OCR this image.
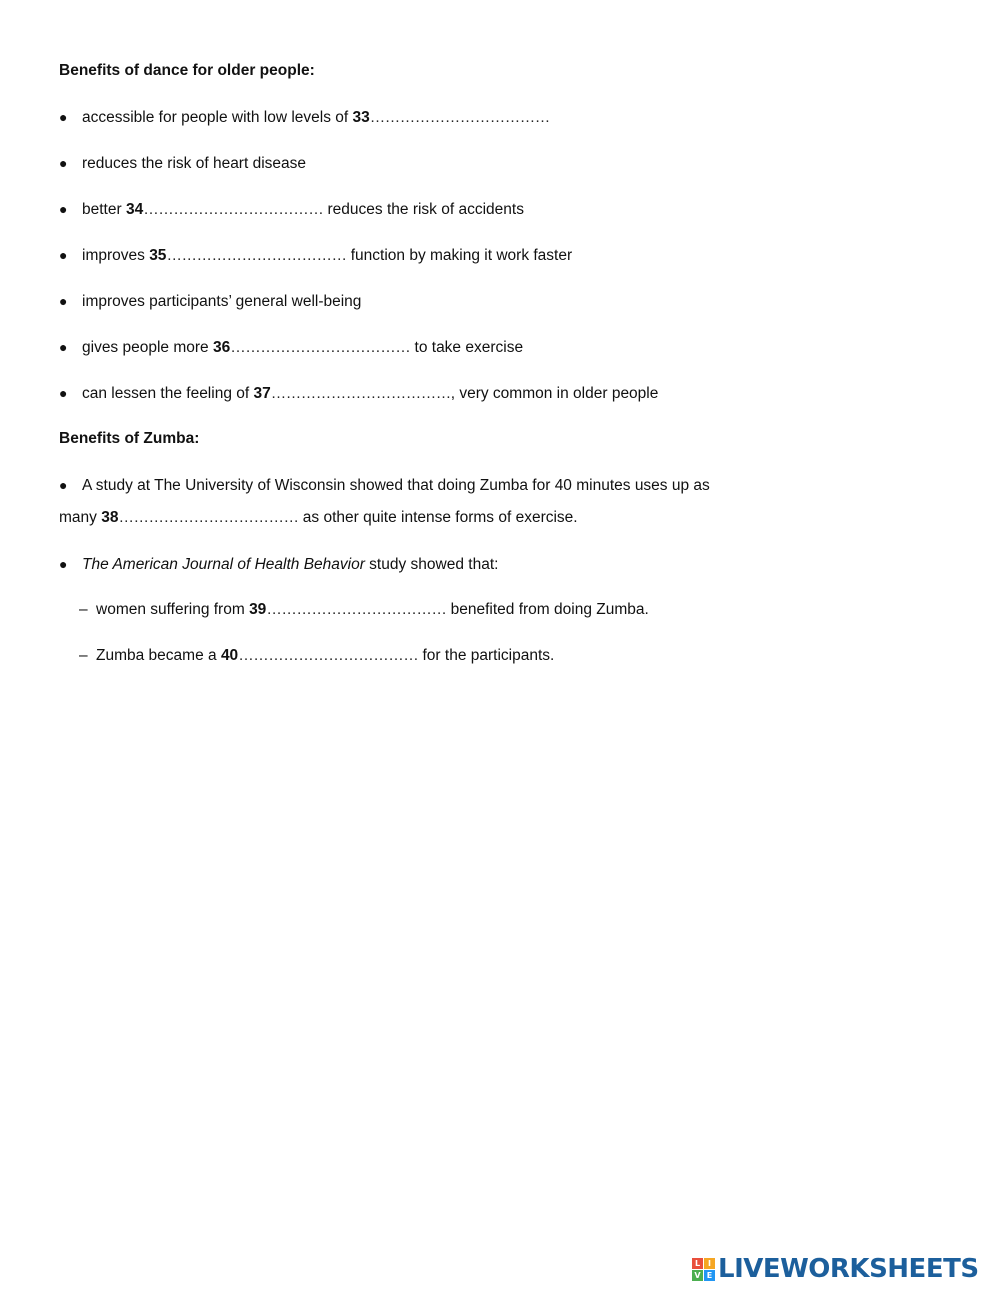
Benefits of dance for older people:
● accessible for people with low levels of 33………………………………
● reduces the risk of heart disease
● better 34……………………………… reduces the risk of accidents
● improves 35……………………………… function by making it work faster
● improves participants’ general well-being
● gives people more 36……………………………… to take exercise
● can lessen the feeling of 37………………………………, very common in older people
Benefits of Zumba:
● A study at The University of Wisconsin showed that doing Zumba for 40 minutes uses up as
many 38……………………………… as other quite intense forms of exercise.
● The American Journal of Health Behavior study showed that:
– women suffering from 39……………………………… benefited from doing Zumba.
– Zumba became a 40……………………………… for the participants.
L I
V E LIVEWORKSHEETS
